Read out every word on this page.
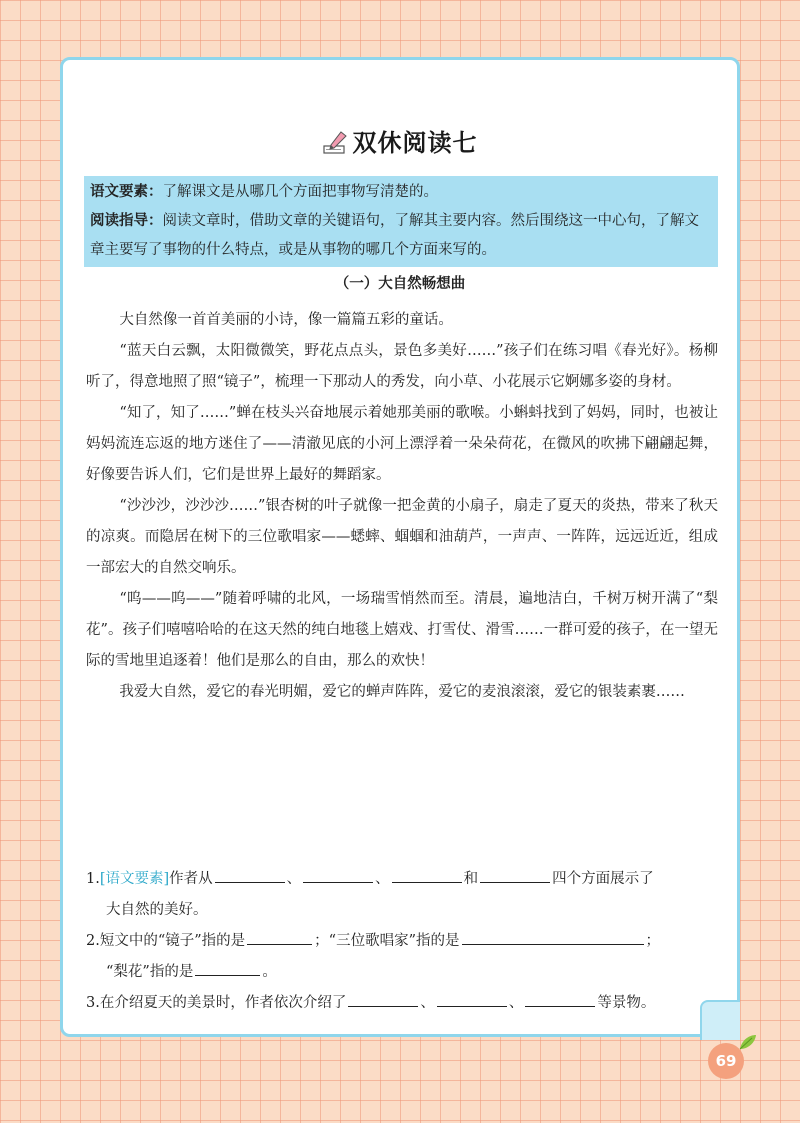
双休阅读七
语文要素：了解课文是从哪几个方面把事物写清楚的。
阅读指导：阅读文章时，借助文章的关键语句，了解其主要内容。然后围绕这一中心句，了解文章主要写了事物的什么特点，或是从事物的哪几个方面来写的。
（一）大自然畅想曲

大自然像一首首美丽的小诗，像一篇篇五彩的童话。

“蓝天白云飘，太阳微微笑，野花点点头，景色多美好……”孩子们在练习唱《春光好》。杨柳听了，得意地照了照“镜子”，梳理一下那动人的秀发，向小草、小花展示它婀娜多姿的身材。

“知了，知了……”蝉在枝头兴奋地展示着她那美丽的歌喉。小蝌蚪找到了妈妈，同时，也被让妈妈流连忘返的地方迷住了——清澈见底的小河上漂浮着一朵朵荷花，在微风的吹拂下翩翩起舞，好像要告诉人们，它们是世界上最好的舞蹈家。

“沙沙沙，沙沙沙……”银杏树的叶子就像一把金黄的小扇子，扇走了夏天的炎热，带来了秋天的凉爽。而隐居在树下的三位歌唱家——蟋蟀、蝈蝈和油葫芦，一声声、一阵阵，远远近近，组成一部宏大的自然交响乐。

“呜——呜——”随着呼啸的北风，一场瑞雪悄然而至。清晨，遍地洁白，千树万树开满了“梨花”。孩子们嘻嘻哈哈的在这天然的纯白地毯上嬉戏、打雪仗、滑雪……一群可爱的孩子，在一望无际的雪地里追逐着！他们是那么的自由，那么的欢快！

我爱大自然，爱它的春光明媚，爱它的蝉声阵阵，爱它的麦浪滚滚，爱它的银装素裹……

1.[语文要素]作者从	、	、	和	四个方面展示了
大自然的美好。
2.短文中的“镜子”指的是	；“三位歌唱家”指的是	；
“梨花”指的是	。
3.在介绍夏天的美景时，作者依次介绍了	、	、	等景物。
69
